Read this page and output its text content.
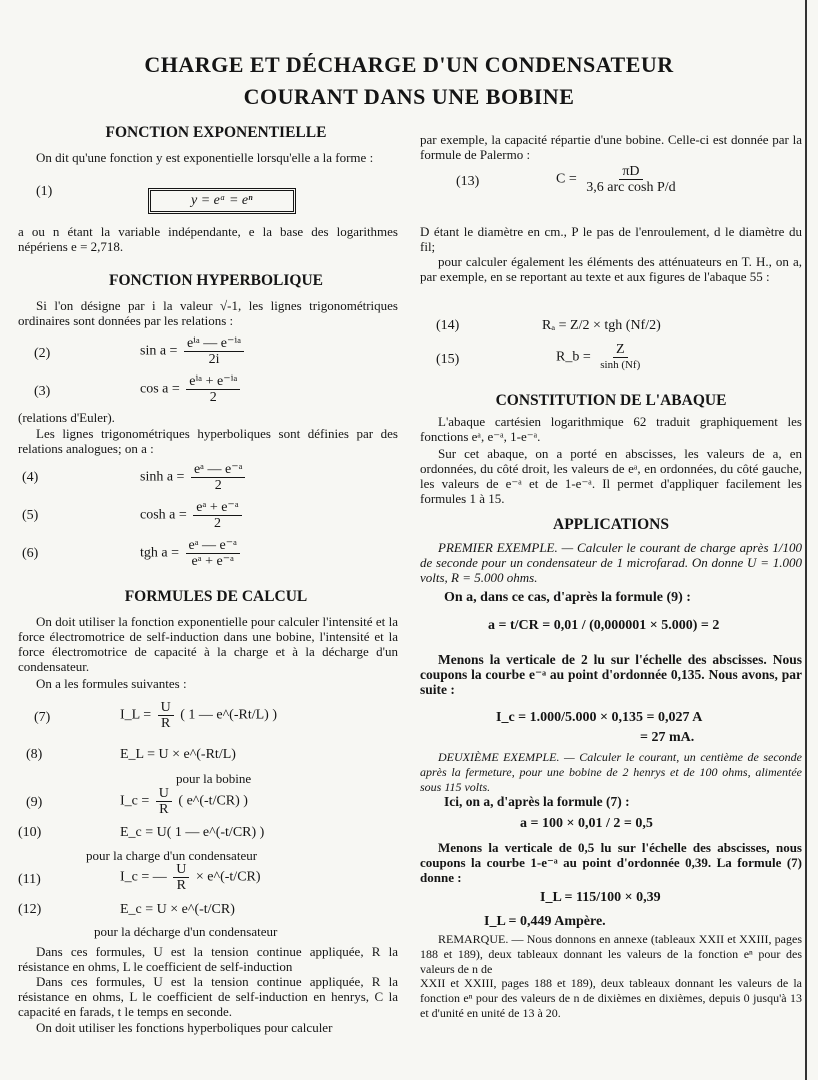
CHARGE ET DÉCHARGE D'UN CONDENSATEUR
COURANT DANS UNE BOBINE
FONCTION EXPONENTIELLE
On dit qu'une fonction y est exponentielle lorsqu'elle a la forme :
(1)
y = eᵃ = eⁿ
a ou n étant la variable indépendante, e la base des logarithmes népériens e = 2,718.
FONCTION HYPERBOLIQUE
Si l'on désigne par i la valeur √-1, les lignes trigonométriques ordinaires sont données par les relations :
(2)	$\sin a = \frac{\text{eⁱᵃ — e⁻ⁱᵃ}}{2i}$
(3)	$\cos a = \frac{\text{eⁱᵃ + e⁻ⁱᵃ}}{2}$
(relations d'Euler).
Les lignes trigonométriques hyperboliques sont définies par des relations analogues; on a :
(4)	$\sinh a = \frac{\text{eᵃ — e⁻ᵃ}}{2}$
(5)	$\cosh a = \frac{\text{eᵃ + e⁻ᵃ}}{2}$
(6)	tgh $a = \frac{\text{eᵃ — e⁻ᵃ}}{\text{eᵃ + e⁻ᵃ}}$
FORMULES DE CALCUL
On doit utiliser la fonction exponentielle pour calculer l'intensité et la force électromotrice de self-induction dans une bobine, l'intensité et la force électromotrice de capacité à la charge et à la décharge d'un condensateur.
On a les formules suivantes :
(7)	I_L = $\frac{U}{R}$ ( 1 — e^(-Rt/L) )
(8)	E_L = U × e^(-Rt/L)
pour la bobine
(9)	I_c = $\frac{U}{R}$ ( e^(-t/CR) )
(10)	E_c = U( 1 — e^(-t/CR) )
pour la charge d'un condensateur
(11)	I_c = — $\frac{U}{R}$ × e^(-t/CR)
(12)	E_c = U × e^(-t/CR)
pour la décharge d'un condensateur
Dans ces formules, U est la tension continue appliquée, R la résistance en ohms, L le coefficient de self-induction
Dans ces formules, U est la tension continue appliquée, R la résistance en ohms, L le coefficient de self-induction en henrys, C la capacité en farads, t le temps en seconde.
On doit utiliser les fonctions hyperboliques pour calculer
par exemple, la capacité répartie d'une bobine. Celle-ci est donnée par la formule de Palermo :
(13)	$C = \frac{\pi D}{\text{3,6 arc cosh P/d}}$
D étant le diamètre en cm., P le pas de l'enroulement, d le diamètre du fil;
pour calculer également les éléments des atténuateurs en T. H., on a, par exemple, en se reportant au texte et aux figures de l'abaque 55 :
(14)	Rₐ = Z/2 × tgh (Nf/2)
(15)	R_b = $\frac{Z}{\sinh (Nf)}$
CONSTITUTION DE L'ABAQUE
L'abaque cartésien logarithmique 62 traduit graphiquement les fonctions eᵃ, e⁻ᵃ, 1-e⁻ᵃ.
Sur cet abaque, on a porté en abscisses, les valeurs de a, en ordonnées, du côté droit, les valeurs de eᵃ, en ordonnées, du côté gauche, les valeurs de e⁻ᵃ et de 1-e⁻ᵃ. Il permet d'appliquer facilement les formules 1 à 15.
APPLICATIONS
PREMIER EXEMPLE. — Calculer le courant de charge après 1/100 de seconde pour un condensateur de 1 microfarad. On donne U = 1.000 volts, R = 5.000 ohms.
On a, dans ce cas, d'après la formule (9) :
a = t/CR = 0,01 / (0,000001 × 5.000) = 2
Menons la verticale de 2 lu sur l'échelle des abscisses. Nous coupons la courbe e⁻ᵃ au point d'ordonnée 0,135. Nous avons, par suite :
I_c = 1.000/5.000 × 0,135 = 0,027 A
= 27 mA.
DEUXIÈME EXEMPLE. — Calculer le courant, un centième de seconde après la fermeture, pour une bobine de 2 henrys et de 100 ohms, alimentée sous 115 volts.
Ici, on a, d'après la formule (7) :
a = 100 × 0,01 / 2 = 0,5
Menons la verticale de 0,5 lu sur l'échelle des abscisses, nous coupons la courbe 1-e⁻ᵃ au point d'ordonnée 0,39. La formule (7) donne :
I_L = 115/100 × 0,39
I_L = 0,449 Ampère.
REMARQUE. — Nous donnons en annexe (tableaux XXII et XXIII, pages 188 et 189), deux tableaux donnant les valeurs de la fonction eⁿ pour des valeurs de n de
XXII et XXIII, pages 188 et 189), deux tableaux donnant les valeurs de la fonction eⁿ pour des valeurs de n de dixièmes en dixièmes, depuis 0 jusqu'à 13 et d'unité en unité de 13 à 20.
